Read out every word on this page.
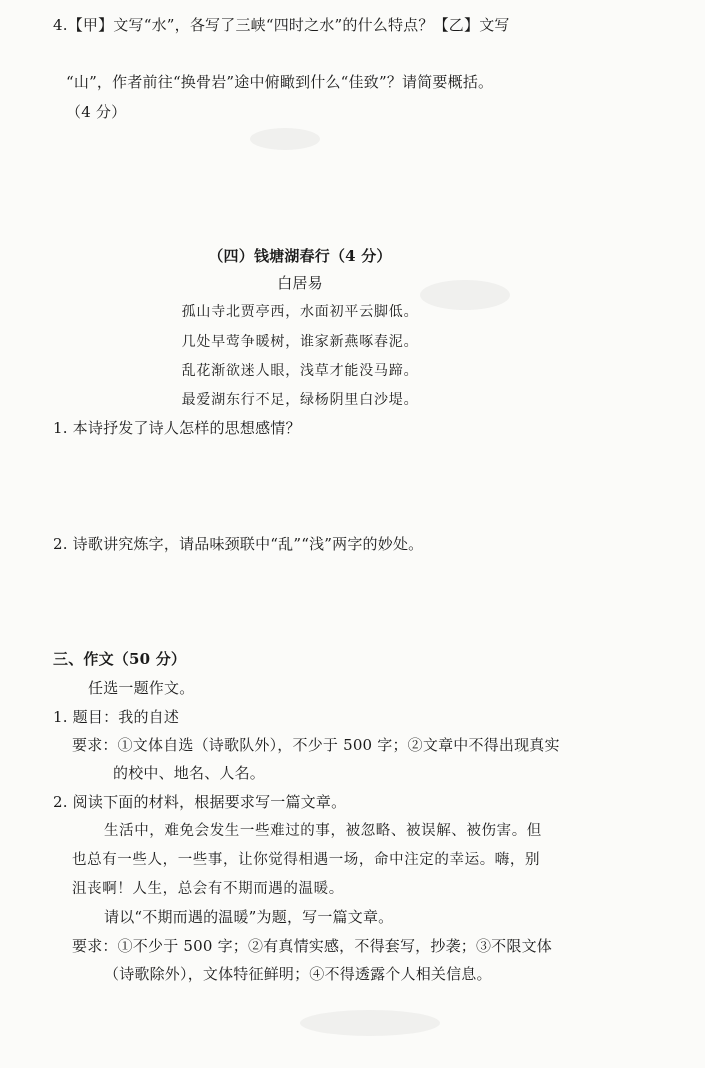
4.【甲】文写“水”，各写了三峡“四时之水”的什么特点？【乙】文写
“山”，作者前往“换骨岩”途中俯瞰到什么“佳致”？请简要概括。
（4 分）
（四）钱塘湖春行（4 分）
白居易
孤山寺北贾亭西，水面初平云脚低。
几处早莺争暖树，谁家新燕啄春泥。
乱花渐欲迷人眼，浅草才能没马蹄。
最爱湖东行不足，绿杨阴里白沙堤。
1. 本诗抒发了诗人怎样的思想感情？
2. 诗歌讲究炼字，请品味颈联中“乱”“浅”两字的妙处。
三、作文（50 分）
任选一题作文。
1. 题目：我的自述
要求：①文体自选（诗歌队外），不少于 500 字；②文章中不得出现真实
的校中、地名、人名。
2. 阅读下面的材料，根据要求写一篇文章。
生活中，难免会发生一些难过的事，被忽略、被误解、被伤害。但
也总有一些人，一些事，让你觉得相遇一场，命中注定的幸运。嗨，别
沮丧啊！人生，总会有不期而遇的温暖。
请以“不期而遇的温暖”为题，写一篇文章。
要求：①不少于 500 字；②有真情实感，不得套写，抄袭；③不限文体
（诗歌除外），文体特征鲜明；④不得透露个人相关信息。
